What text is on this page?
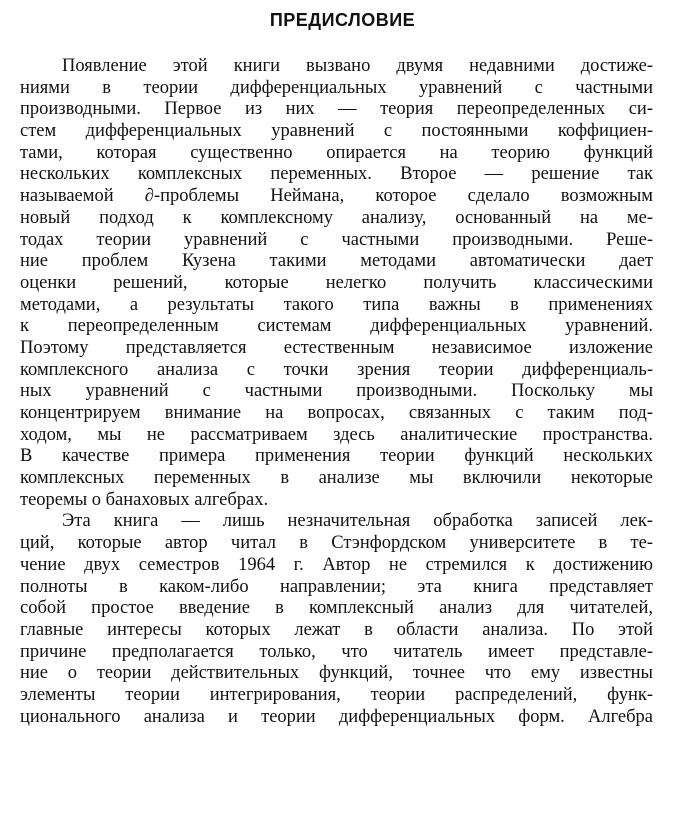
ПРЕДИСЛОВИЕ
Появление этой книги вызвано двумя недавними достиже-
ниями в теории дифференциальных уравнений с частными
производными. Первое из них — теория переопределенных си-
стем дифференциальных уравнений с постоянными коффициен-
тами, которая существенно опирается на теорию функций
нескольких комплексных переменных. Второе — решение так
называемой ∂-проблемы Неймана, которое сделало возможным
новый подход к комплексному анализу, основанный на ме-
тодах теории уравнений с частными производными. Реше-
ние проблем Кузена такими методами автоматически дает
оценки решений, которые нелегко получить классическими
методами, а результаты такого типа важны в применениях
к переопределенным системам дифференциальных уравнений.
Поэтому представляется естественным независимое изложение
комплексного анализа с точки зрения теории дифференциаль-
ных уравнений с частными производными. Поскольку мы
концентрируем внимание на вопросах, связанных с таким под-
ходом, мы не рассматриваем здесь аналитические пространства.
В качестве примера применения теории функций нескольких
комплексных переменных в анализе мы включили некоторые
теоремы о банаховых алгебрах.
Эта книга — лишь незначительная обработка записей лек-
ций, которые автор читал в Стэнфордском университете в те-
чение двух семестров 1964 г. Автор не стремился к достижению
полноты в каком-либо направлении; эта книга представляет
собой простое введение в комплексный анализ для читателей,
главные интересы которых лежат в области анализа. По этой
причине предполагается только, что читатель имеет представле-
ние о теории действительных функций, точнее что ему известны
элементы теории интегрирования, теории распределений, функ-
ционального анализа и теории дифференциальных форм. Алгебра
